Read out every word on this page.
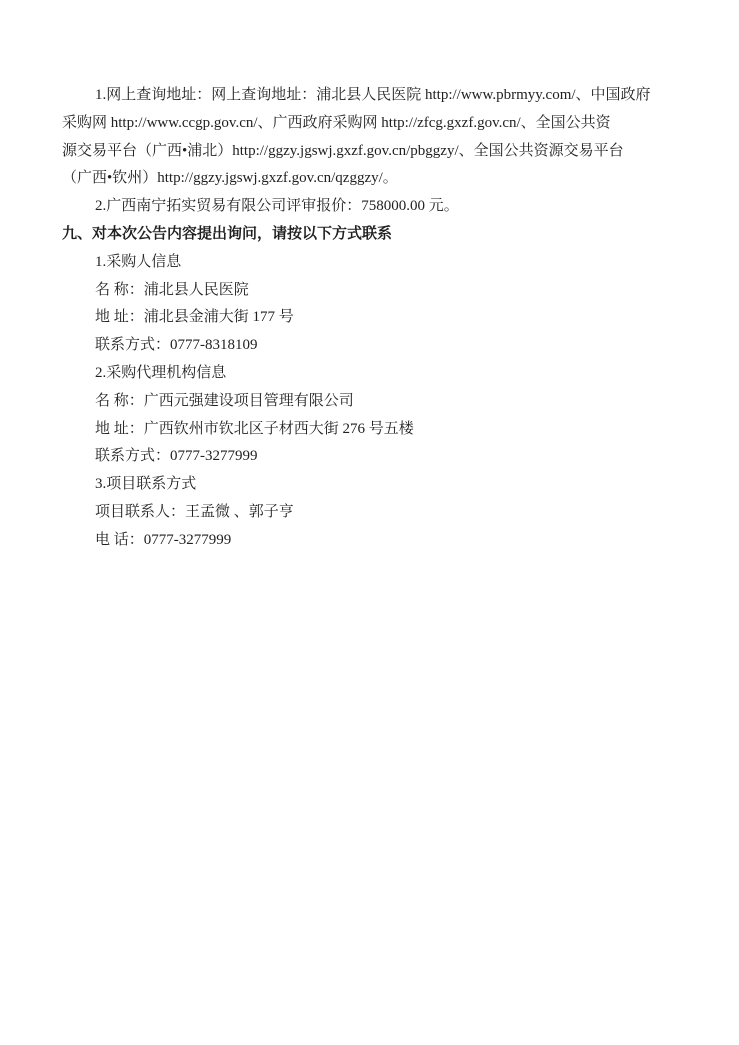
1.网上查询地址：网上查询地址：浦北县人民医院 http://www.pbrmyy.com/、中国政府
采购网 http://www.ccgp.gov.cn/、广西政府采购网 http://zfcg.gxzf.gov.cn/、全国公共资
源交易平台（广西•浦北）http://ggzy.jgswj.gxzf.gov.cn/pbggzy/、全国公共资源交易平台
（广西•钦州）http://ggzy.jgswj.gxzf.gov.cn/qzggzy/。
2.广西南宁拓实贸易有限公司评审报价：758000.00 元。
九、对本次公告内容提出询问，请按以下方式联系
1.采购人信息
名 称：浦北县人民医院
地 址：浦北县金浦大街 177 号
联系方式：0777-8318109
2.采购代理机构信息
名 称：广西元强建设项目管理有限公司
地 址：广西钦州市钦北区子材西大街 276 号五楼
联系方式：0777-3277999
3.项目联系方式
项目联系人：王孟微 、郭子亨
电 话：0777-3277999
